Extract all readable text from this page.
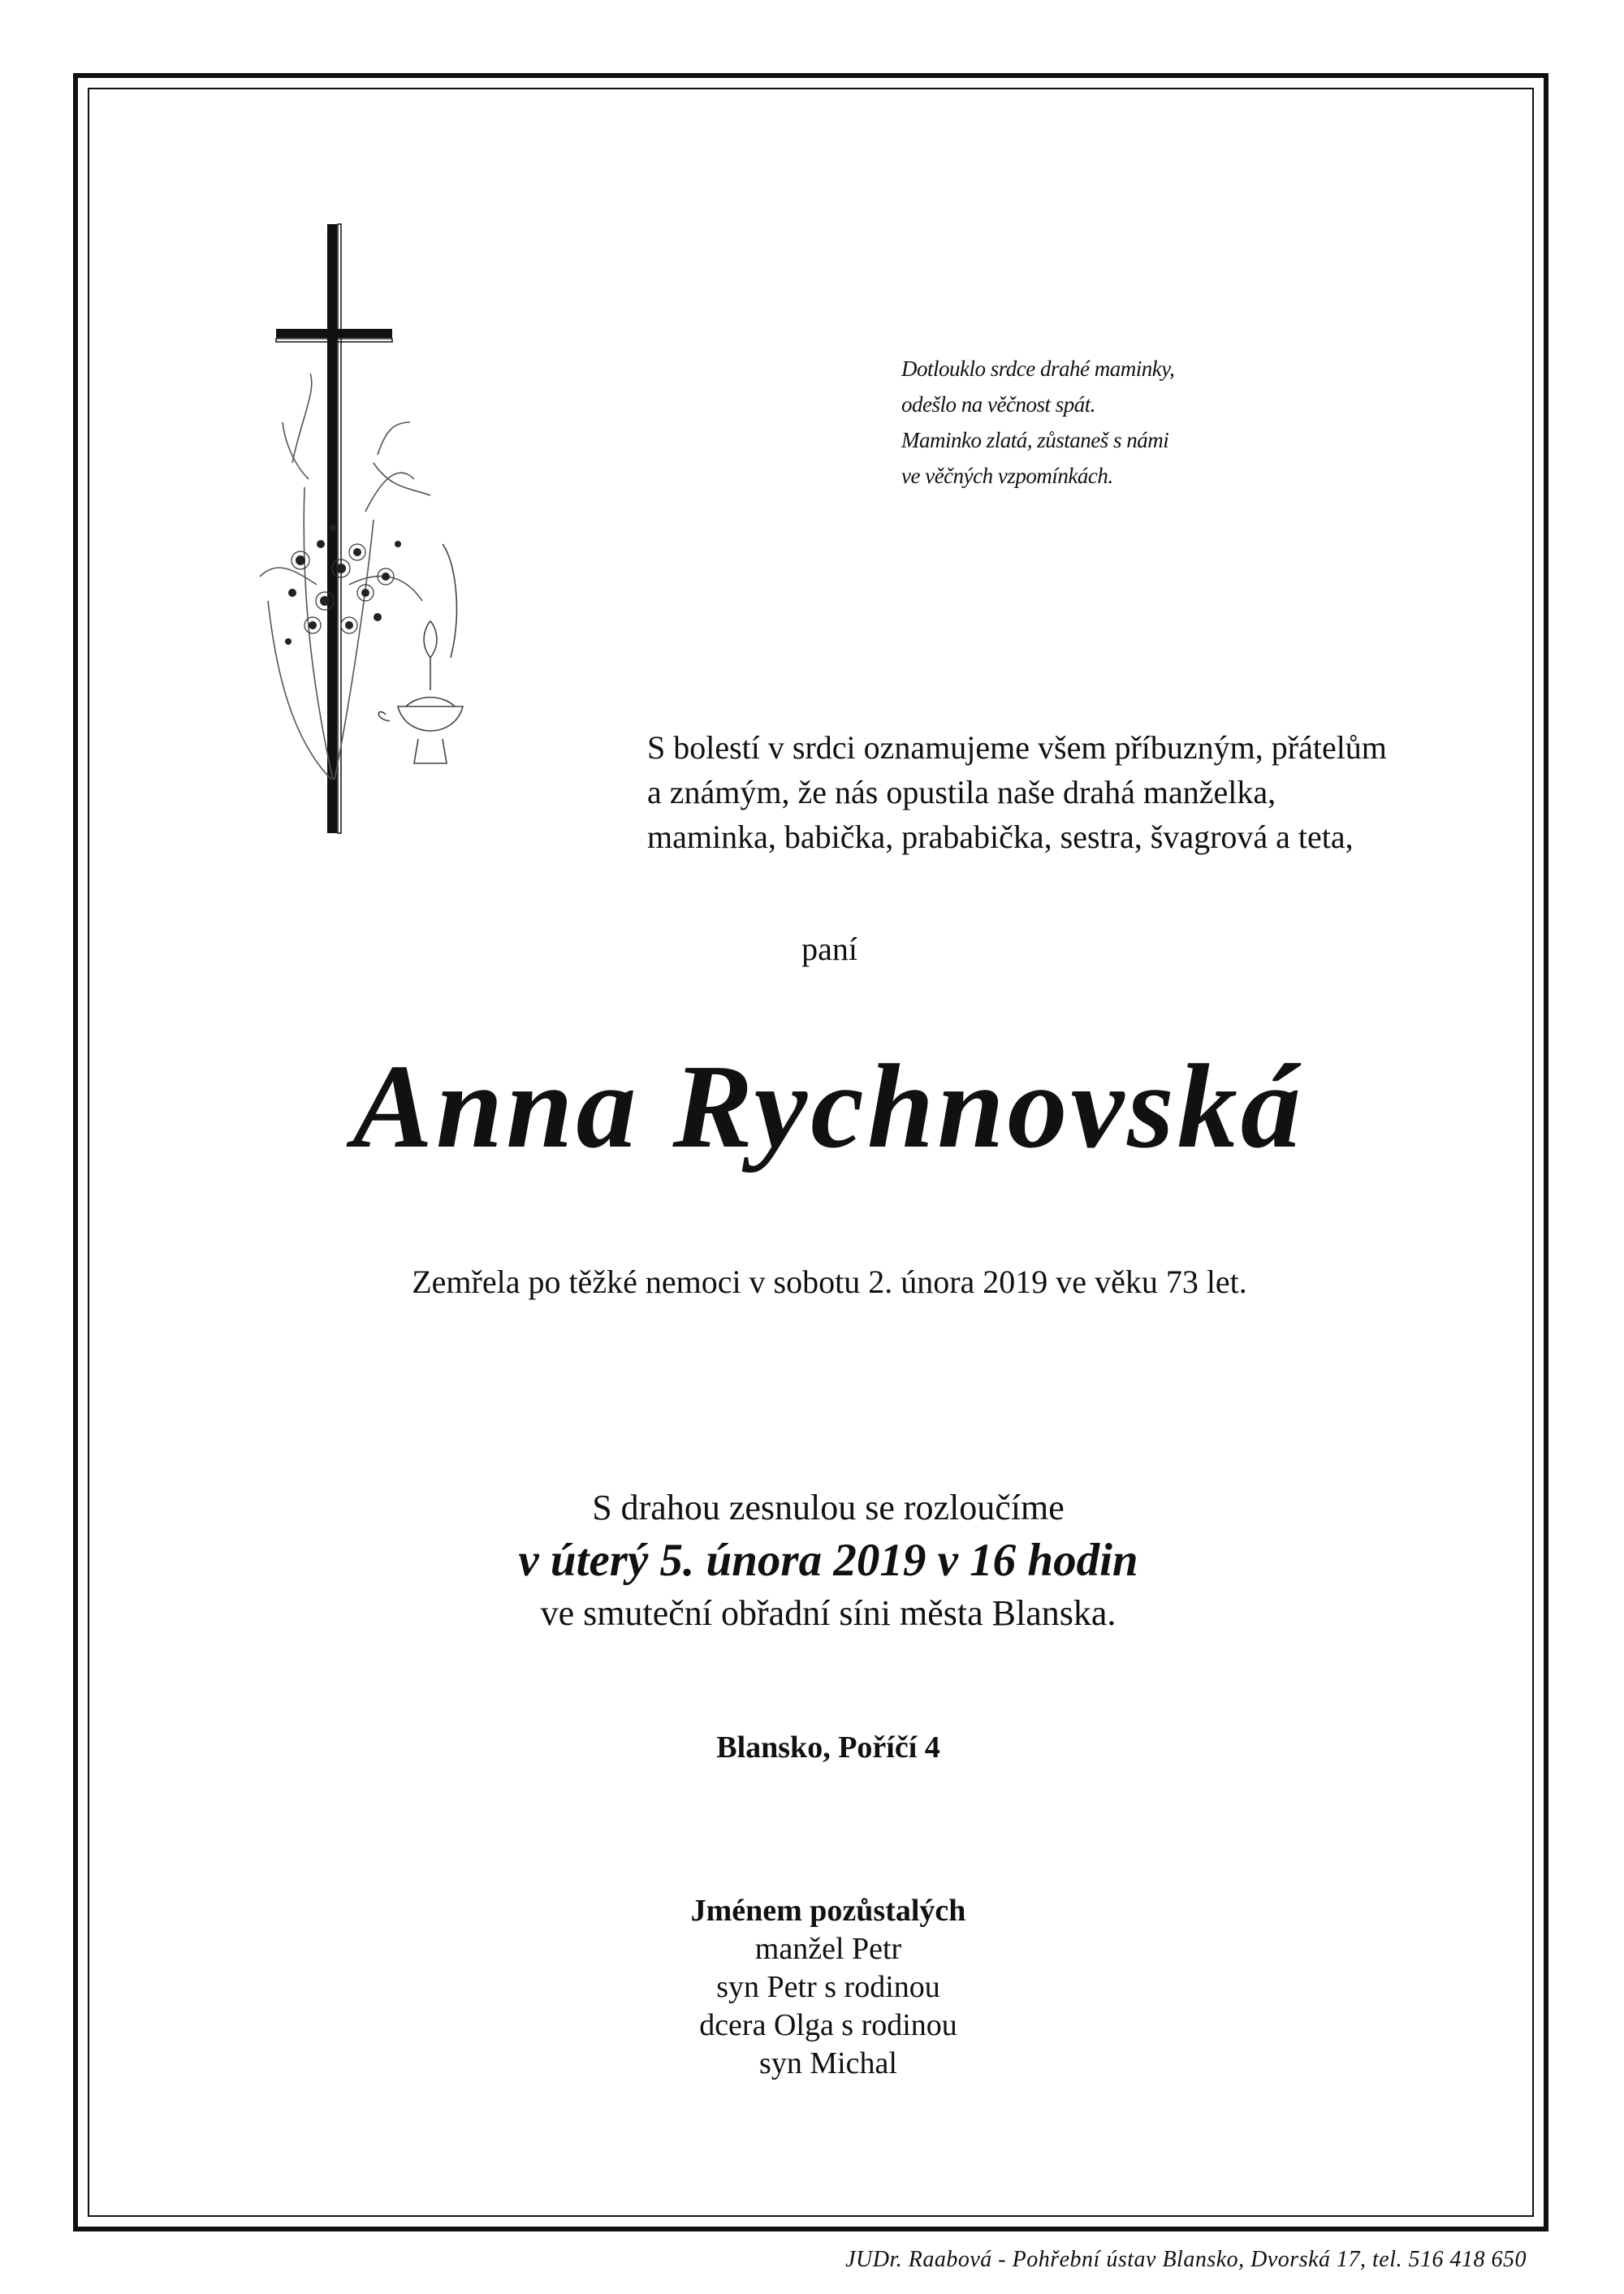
Dotlouklo srdce drahé maminky,
odešlo na věčnost spát.
Maminko zlatá, zůstaneš s námi
ve věčných vzpomínkách.
S bolestí v srdci oznamujeme všem příbuzným, přátelům
a známým, že nás opustila naše drahá manželka,
maminka, babička, prababička, sestra, švagrová a teta,
paní
Anna Rychnovská
Zemřela po těžké nemoci v sobotu 2. února 2019 ve věku 73 let.
S drahou zesnulou se rozloučíme
v úterý 5. února 2019 v 16 hodin
ve smuteční obřadní síni města Blanska.
Blansko, Poříčí 4
Jménem pozůstalých
manžel Petr
syn Petr s rodinou
dcera Olga s rodinou
syn Michal
JUDr. Raabová - Pohřební ústav Blansko, Dvorská 17, tel. 516 418 650
